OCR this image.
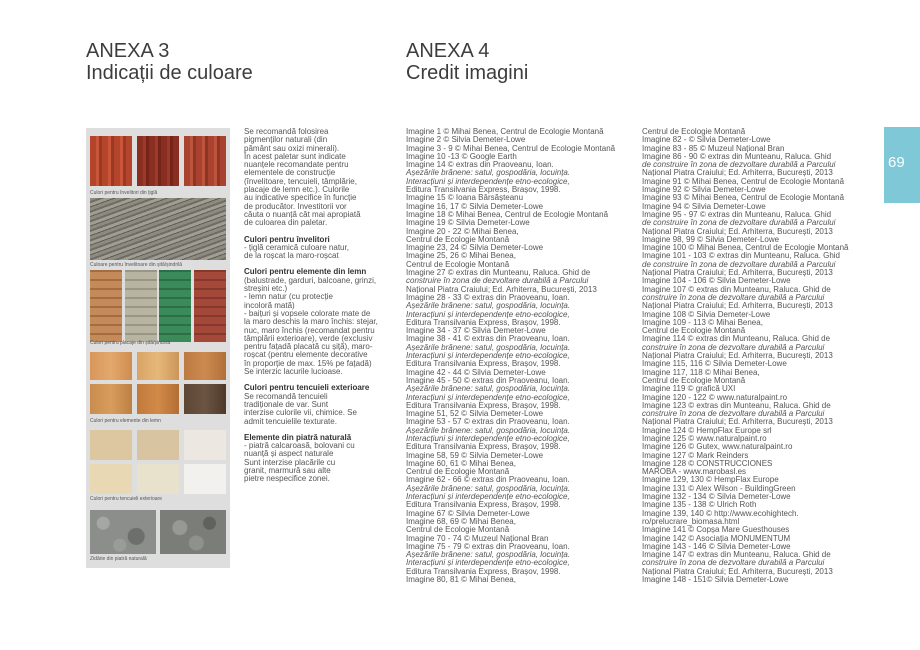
ANEXA 3
Indicații de culoare
ANEXA 4
Credit imagini
Culori pentru învelitori din țiglă
Culoare pentru învelitoare din șită/șindrilă
Culori pentru placaje din șită/șindrilă
Culori pentru elemente din lemn
Culori pentru tencuieli exterioare
Zidărie din piatră naturală
Se recomandă folosirea
pigmenților naturali (din
pământ sau oxizi minerali).
În acest paletar sunt indicate
nuanțele recomandate pentru
elementele de construcție
(învelitoare, tencuieli, tâmplărie,
placaje de lemn etc.). Culorile
au indicative specifice în funcție
de producător. Investitorii vor
căuta o nuanță cât mai apropiată
de culoarea din paletar.
Culori pentru învelitori
- țiglă ceramică culoare natur,
de la roșcat la maro-roșcat
Culori pentru elemente din lemn
(balustrade, garduri, balcoane, grinzi,
streșini etc.)
- lemn natur (cu protecție
incoloră mată)
- baițuri și vopsele colorate mate de
la maro deschis la maro închis: stejar,
nuc, maro închis (recomandat pentru
tâmplării exterioare), verde (exclusiv
pentru fațadă placată cu șiță), maro-
roșcat (pentru elemente decorative
în proporție de max. 15% pe fațadă)
Se interzic lacurile lucioase.
Culori pentru tencuieli exterioare
Se recomandă tencuieli
tradiționale de var. Sunt
interzise culorile vii, chimice. Se
admit tencuielile texturate.
Elemente din piatră naturală
- piatră calcaroasă, bolovani cu
nuanță și aspect naturale
Sunt interzise placările cu
granit, marmură sau alte
pietre nespecifice zonei.
Imagine 1 © Mihai Benea, Centrul de Ecologie Montană
Imagine 2 © Silvia Demeter-Lowe
Imagine 3 - 9 © Mihai Benea, Centrul de Ecologie Montană
Imagine 10 -13 © Google Earth
Imagine 14 © extras din Praoveanu, Ioan.
Așezările brănene: satul, gospodăria, locuința.
Interacțiuni și interdependențe etno-ecologice,
Editura Transilvania Express, Brașov, 1998.
Imagine 15 © Ioana Bârsășteanu
Imagine 16, 17 © Silvia Demeter-Lowe
Imagine 18 © Mihai Benea, Centrul de Ecologie Montană
Imagine 19 © Silvia Demeter-Lowe
Imagine 20 - 22 © Mihai Benea,
Centrul de Ecologie Montană
Imagine 23, 24 © Silvia Demeter-Lowe
Imagine 25, 26 © Mihai Benea,
Centrul de Ecologie Montană
Imagine 27 © extras din Munteanu, Raluca. Ghid de
construire în zona de dezvoltare durabilă a Parcului
Național Piatra Craiului; Ed. Arhiterra, București, 2013
Imagine 28 - 33 © extras din Praoveanu, Ioan.
Așezările brănene: satul, gospodăria, locuința.
Interacțiuni și interdependențe etno-ecologice,
Editura Transilvania Express, Brașov, 1998.
Imagine 34 - 37 © Silvia Demeter-Lowe
Imagine 38 - 41 © extras din Praoveanu, Ioan.
Așezările brănene: satul, gospodăria, locuința.
Interacțiuni și interdependențe etno-ecologice,
Editura Transilvania Express, Brașov, 1998.
Imagine 42 - 44 © Silvia Demeter-Lowe
Imagine 45 - 50 © extras din Praoveanu, Ioan.
Așezările brănene: satul, gospodăria, locuința.
Interacțiuni și interdependențe etno-ecologice,
Editura Transilvania Express, Brașov, 1998.
Imagine 51, 52 © Silvia Demeter-Lowe
Imagine 53 - 57 © extras din Praoveanu, Ioan.
Așezările brănene: satul, gospodăria, locuința.
Interacțiuni și interdependențe etno-ecologice,
Editura Transilvania Express, Brașov, 1998.
Imagine 58, 59 © Silvia Demeter-Lowe
Imagine 60, 61 © Mihai Benea,
Centrul de Ecologie Montană
Imagine 62 - 66 © extras din Praoveanu, Ioan.
Așezările brănene: satul, gospodăria, locuința.
Interacțiuni și interdependențe etno-ecologice,
Editura Transilvania Express, Brașov, 1998.
Imagine 67 © Silvia Demeter-Lowe
Imagine 68, 69 © Mihai Benea,
Centrul de Ecologie Montană
Imagine 70 - 74 © Muzeul Național Bran
Imagine 75 - 79 © extras din Praoveanu, Ioan.
Așezările brănene: satul, gospodăria, locuința.
Interacțiuni și interdependențe etno-ecologice,
Editura Transilvania Express, Brașov, 1998.
Imagine 80, 81 © Mihai Benea,
Centrul de Ecologie Montană
Imagine 82 - © Silvia Demeter-Lowe
Imagine 83 - 85 © Muzeul Național Bran
Imagine 86 - 90 © extras din Munteanu, Raluca. Ghid
de construire în zona de dezvoltare durabilă a Parcului
Național Piatra Craiului; Ed. Arhiterra, București, 2013
Imagine 91 © Mihai Benea, Centrul de Ecologie Montană
Imagine 92 © Silvia Demeter-Lowe
Imagine 93 © Mihai Benea, Centrul de Ecologie Montană
Imagine 94 © Silvia Demeter-Lowe
Imagine 95 - 97 © extras din Munteanu, Raluca. Ghid
de construire în zona de dezvoltare durabilă a Parcului
Național Piatra Craiului; Ed. Arhiterra, București, 2013
Imagine 98, 99 © Silvia Demeter-Lowe
Imagine 100 © Mihai Benea, Centrul de Ecologie Montană
Imagine 101 - 103 © extras din Munteanu, Raluca. Ghid
de construire în zona de dezvoltare durabilă a Parcului
Național Piatra Craiului; Ed. Arhiterra, București, 2013
Imagine 104 - 106 © Silvia Demeter-Lowe
Imagine 107 © extras din Munteanu, Raluca. Ghid de
construire în zona de dezvoltare durabilă a Parcului
Național Piatra Craiului; Ed. Arhiterra, București, 2013
Imagine 108 © Silvia Demeter-Lowe
Imagine 109 - 113 © Mihai Benea,
Centrul de Ecologie Montană
Imagine 114 © extras din Munteanu, Raluca. Ghid de
construire în zona de dezvoltare durabilă a Parcului
Național Piatra Craiului; Ed. Arhiterra, București, 2013
Imagine 115, 116 © Silvia Demeter-Lowe
Imagine 117, 118 © Mihai Benea,
Centrul de Ecologie Montană
Imagine 119 © grafică UXI
Imagine 120 - 122 © www.naturalpaint.ro
Imagine 123 © extras din Munteanu, Raluca. Ghid de
construire în zona de dezvoltare durabilă a Parcului
Național Piatra Craiului; Ed. Arhiterra, București, 2013
Imagine 124 © HempFlax Europe srl
Imagine 125 © www.naturalpaint.ro
Imagine 126 © Gutex, www.naturalpaint.ro
Imagine 127 © Mark Reinders
Imagine 128 © CONSTRUCCIONES
MAROBA - www.marobasl.es
Imagine 129, 130 © HempFlax Europe
Imagine 131 © Alex Wilson - BuildingGreen
Imagine 132 - 134 © Silvia Demeter-Lowe
Imagine 135 - 138 © Ulrich Roth
Imagine 139, 140 © http://www.ecohightech.
ro/prelucrare_biomasa.html
Imagine 141 © Copșa Mare Guesthouses
Imagine 142 © Asociația MONUMENTUM
Imagine 143 - 146 © Silvia Demeter-Lowe
Imagine 147 © extras din Munteanu, Raluca. Ghid de
construire în zona de dezvoltare durabilă a Parcului
Național Piatra Craiului; Ed. Arhiterra, București, 2013
Imagine 148 - 151© Silvia Demeter-Lowe
69
